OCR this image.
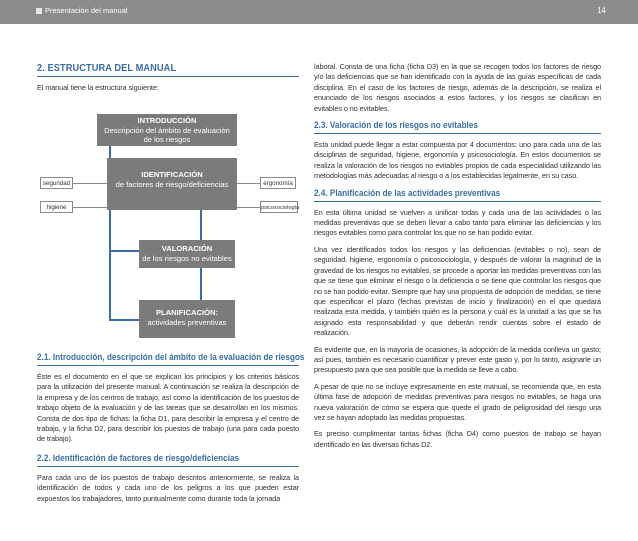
Presentación del manual	14
2. ESTRUCTURA DEL MANUAL

El manual tiene la estructura siguiente:

INTRODUCCIÓN
Descripción del ámbito de evaluación
de los riesgos
IDENTIFICACIÓN
de factores de riesgo/deficiencias
seguridad
higiene
ergonomía
psicosociología
VALORACIÓN
de los riesgos no evitables
PLANIFICACIÓN:
actividades preventivas
2.1. Introducción, descripción del ámbito de la evaluación de riesgos

Éste es el documento en el que se explican los principios y los criterios básicos para la utilización del presente manual. A continuación se realiza la descripción de la empresa y de los centros de trabajo, así como la identificación de los puestos de trabajo objeto de la evaluación y de las tareas que se desarrollan en los mismos. Consta de dos tipo de fichas: la ficha D1, para describir la empresa y el centro de trabajo, y la ficha D2, para describir los puestos de trabajo (una para cada puesto de trabajo).

2.2. Identificación de factores de riesgo/deficiencias

Para cada uno de los puestos de trabajo descritos anteriormente, se realiza la identificación de todos y cada uno de los peligros a los que pueden estar expuestos los trabajadores, tanto puntualmente como durante toda la jornada

laboral. Consta de una ficha (ficha D3) en la que se recogen todos los factores de riesgo y/o las deficiencias que se han identificado con la ayuda de las guías específicas de cada disciplina. En el caso de los factores de riesgo, además de la descripción, se realiza el enunciado de los riesgos asociados a estos factores, y los riesgos se clasifican en evitables o no evitables.

2.3. Valoración de los riesgos no evitables

Esta unidad puede llegar a estar compuesta por 4 documentos: uno para cada una de las disciplinas de seguridad, higiene, ergonomía y psicosociología. En estos documentos se realiza la valoración de los riesgos no evitables propios de cada especialidad utilizando las metodologías más adecuadas al riesgo o a los establecidas legalmente, en su caso.

2.4. Planificación de las actividades preventivas

En esta última unidad se vuelven a unificar todas y cada una de las actividades o las medidas preventivas que se deben llevar a cabo tanto para eliminar las deficiencias y los riesgos evitables como para controlar los que no se han podido evitar.

Una vez identificados todos los riesgos y las deficiencias (evitables o no), sean de seguridad, higiene, ergonomía o psicosociología, y después de valorar la magnitud de la gravedad de los riesgos no evitables, se procede a aportar las medidas preventivas con las que se tiene que eliminar el riesgo o la deficiencia o se tiene que controlar los riesgos que no se han podido evitar. Siempre que hay una propuesta de adopción de medidas, se tiene que especificar el plazo (fechas previstas de inicio y finalización) en el que quedará realizada esta medida, y también quién es la persona y cuál es la unidad a las que se ha asignado esta responsabilidad y que deberán rendir cuentas sobre el estado de realización.

Es evidente que, en la mayoría de ocasiones, la adopción de la medida conlleva un gasto; así pues, también es necesario cuantificar y prever este gasto y, por lo tanto, asignarle un presupuesto para que sea posible que la medida se lleve a cabo.

A pesar de que no se incluye expresamente en este manual, se recomienda que, en esta última fase de adopción de medidas preventivas para riesgos no evitables, se haga una nueva valoración de cómo se espera que quede el grado de peligrosidad del riesgo una vez se hayan adoptado las medidas propuestas.

Es preciso cumplimentar tantas fichas (ficha D4) como puestos de trabajo se hayan identificado en las diversas fichas D2.
